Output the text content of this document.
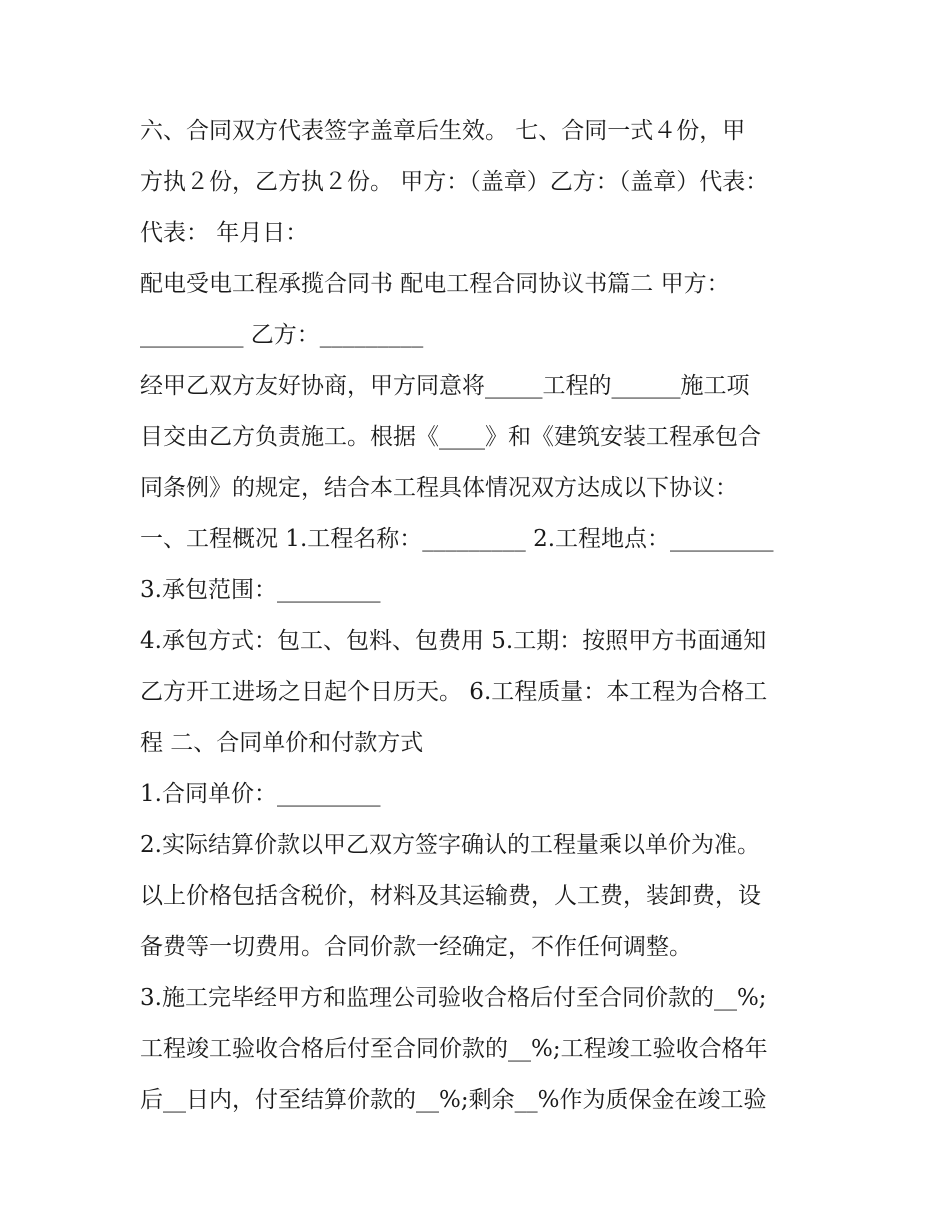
六、合同双方代表签字盖章后生效。 七、合同一式４份，甲
方执２份，乙方执２份。 甲方：（盖章）乙方：（盖章）代表：
代表： 年月日：
配电受电工程承揽合同书 配电工程合同协议书篇二 甲方：
_________ 乙方：_________
经甲乙双方友好协商，甲方同意将_____工程的______施工项
目交由乙方负责施工。根据《____》和《建筑安装工程承包合
同条例》的规定，结合本工程具体情况双方达成以下协议：
一、工程概况 1.工程名称：_________ 2.工程地点：_________
3.承包范围：_________
4.承包方式：包工、包料、包费用 5.工期：按照甲方书面通知
乙方开工进场之日起个日历天。 6.工程质量：本工程为合格工
程 二、合同单价和付款方式
1.合同单价：_________
2.实际结算价款以甲乙双方签字确认的工程量乘以单价为准。
以上价格包括含税价，材料及其运输费，人工费，装卸费，设
备费等一切费用。合同价款一经确定，不作任何调整。
3.施工完毕经甲方和监理公司验收合格后付至合同价款的__%;
工程竣工验收合格后付至合同价款的__%;工程竣工验收合格年
后__日内，付至结算价款的__%;剩余__%作为质保金在竣工验
